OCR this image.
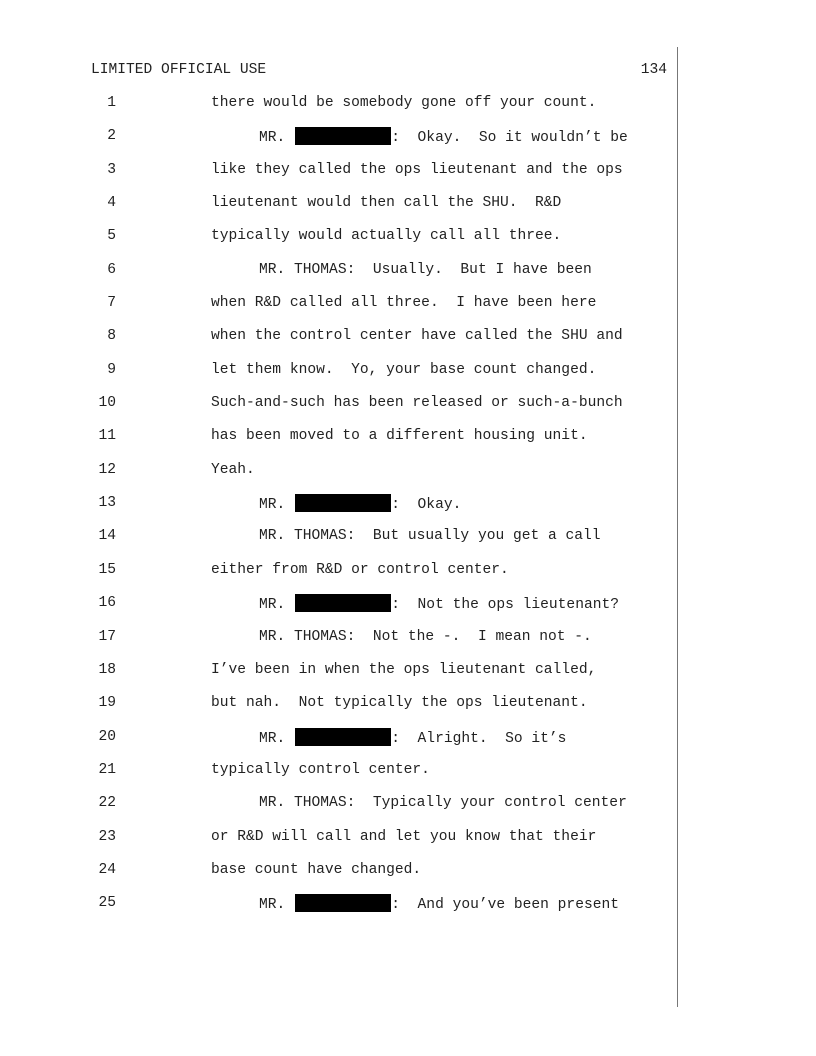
LIMITED OFFICIAL USE	134

1

	there would be somebody gone off your count.

2

	MR.	:  Okay.  So it wouldn’t be

3

	like they called the ops lieutenant and the ops

4

	lieutenant would then call the SHU.  R&D

5

	typically would actually call all three.

6

	MR. THOMAS:  Usually.  But I have been

7

	when R&D called all three.  I have been here

8

	when the control center have called the SHU and

9

	let them know.  Yo, your base count changed.

10

	Such-and-such has been released or such-a-bunch

11

	has been moved to a different housing unit.

12

	Yeah.

13

	MR.	:  Okay.

14

	MR. THOMAS:  But usually you get a call

15

	either from R&D or control center.

16

	MR.	:  Not the ops lieutenant?

17

	MR. THOMAS:  Not the -.  I mean not -.

18

	I’ve been in when the ops lieutenant called,

19

	but nah.  Not typically the ops lieutenant.

20

	MR.	:  Alright.  So it’s

21

	typically control center.

22

	MR. THOMAS:  Typically your control center

23

	or R&D will call and let you know that their

24

	base count have changed.

25

	MR.	:  And you’ve been present
